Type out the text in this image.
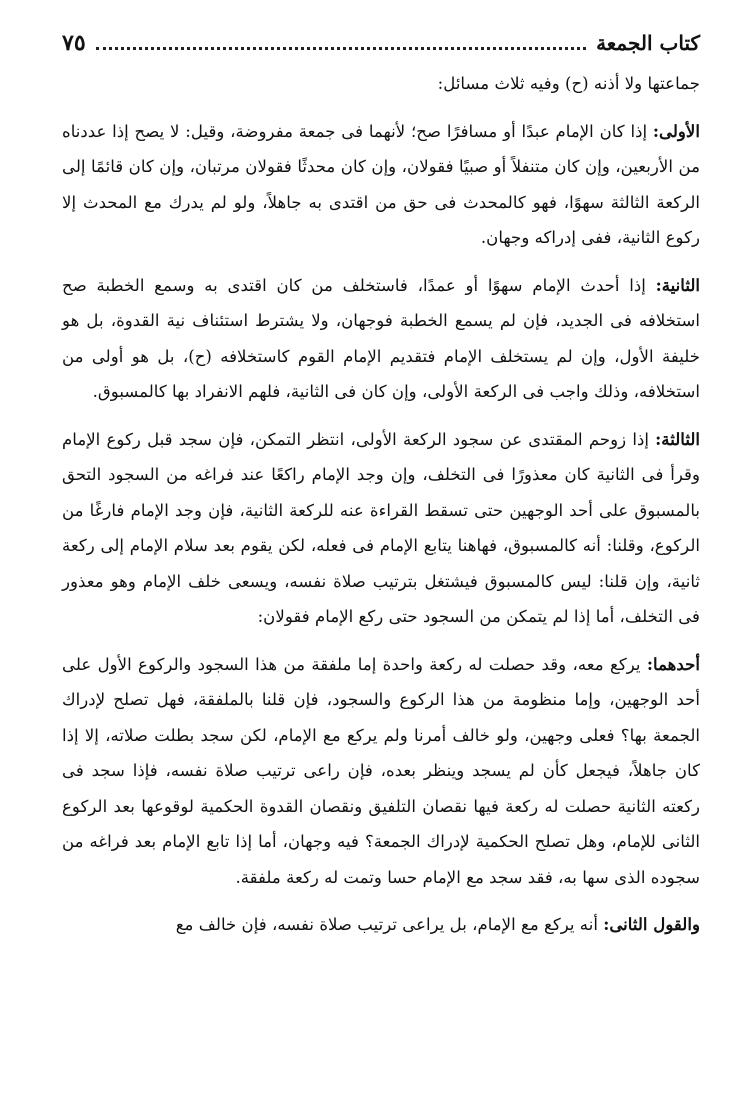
كتاب الجمعة
٧٥

جماعتها ولا أذنه (ح) وفيه ثلاث مسائل:

الأولى: إذا كان الإمام عبدًا أو مسافرًا صح؛ لأنهما فى جمعة مفروضة، وقيل: لا يصح إذا عددناه من الأربعين، وإن كان متنفلاً أو صبيًا فقولان، وإن كان محدثًا فقولان مرتبان، وإن كان قائمًا إلى الركعة الثالثة سهوًا، فهو كالمحدث فى حق من اقتدى به جاهلاً، ولو لم يدرك مع المحدث إلا ركوع الثانية، ففى إدراكه وجهان.

الثانية: إذا أحدث الإمام سهوًا أو عمدًا، فاستخلف من كان اقتدى به وسمع الخطبة صح استخلافه فى الجديد، فإن لم يسمع الخطبة فوجهان، ولا يشترط استئناف نية القدوة، بل هو خليفة الأول، وإن لم يستخلف الإمام فتقديم الإمام القوم كاستخلافه (ح)، بل هو أولى من استخلافه، وذلك واجب فى الركعة الأولى، وإن كان فى الثانية، فلهم الانفراد بها كالمسبوق.

الثالثة: إذا زوحم المقتدى عن سجود الركعة الأولى، انتظر التمكن، فإن سجد قبل ركوع الإمام وقرأ فى الثانية كان معذورًا فى التخلف، وإن وجد الإمام راكعًا عند فراغه من السجود التحق بالمسبوق على أحد الوجهين حتى تسقط القراءة عنه للركعة الثانية، فإن وجد الإمام فارغًا من الركوع، وقلنا: أنه كالمسبوق، فهاهنا يتابع الإمام فى فعله، لكن يقوم بعد سلام الإمام إلى ركعة ثانية، وإن قلنا: ليس كالمسبوق فيشتغل بترتيب صلاة نفسه، ويسعى خلف الإمام وهو معذور فى التخلف، أما إذا لم يتمكن من السجود حتى ركع الإمام فقولان:

أحدهما: يركع معه، وقد حصلت له ركعة واحدة إما ملفقة من هذا السجود والركوع الأول على أحد الوجهين، وإما منظومة من هذا الركوع والسجود، فإن قلنا بالملفقة، فهل تصلح لإدراك الجمعة بها؟ فعلى وجهين، ولو خالف أمرنا ولم يركع مع الإمام، لكن سجد بطلت صلاته، إلا إذا كان جاهلاً، فيجعل كأن لم يسجد وينظر بعده، فإن راعى ترتيب صلاة نفسه، فإذا سجد فى ركعته الثانية حصلت له ركعة فيها نقصان التلفيق ونقصان القدوة الحكمية لوقوعها بعد الركوع الثانى للإمام، وهل تصلح الحكمية لإدراك الجمعة؟ فيه وجهان، أما إذا تابع الإمام بعد فراغه من سجوده الذى سها به، فقد سجد مع الإمام حسا وتمت له ركعة ملفقة.

والقول الثانى: أنه يركع مع الإمام، بل يراعى ترتيب صلاة نفسه، فإن خالف مع
